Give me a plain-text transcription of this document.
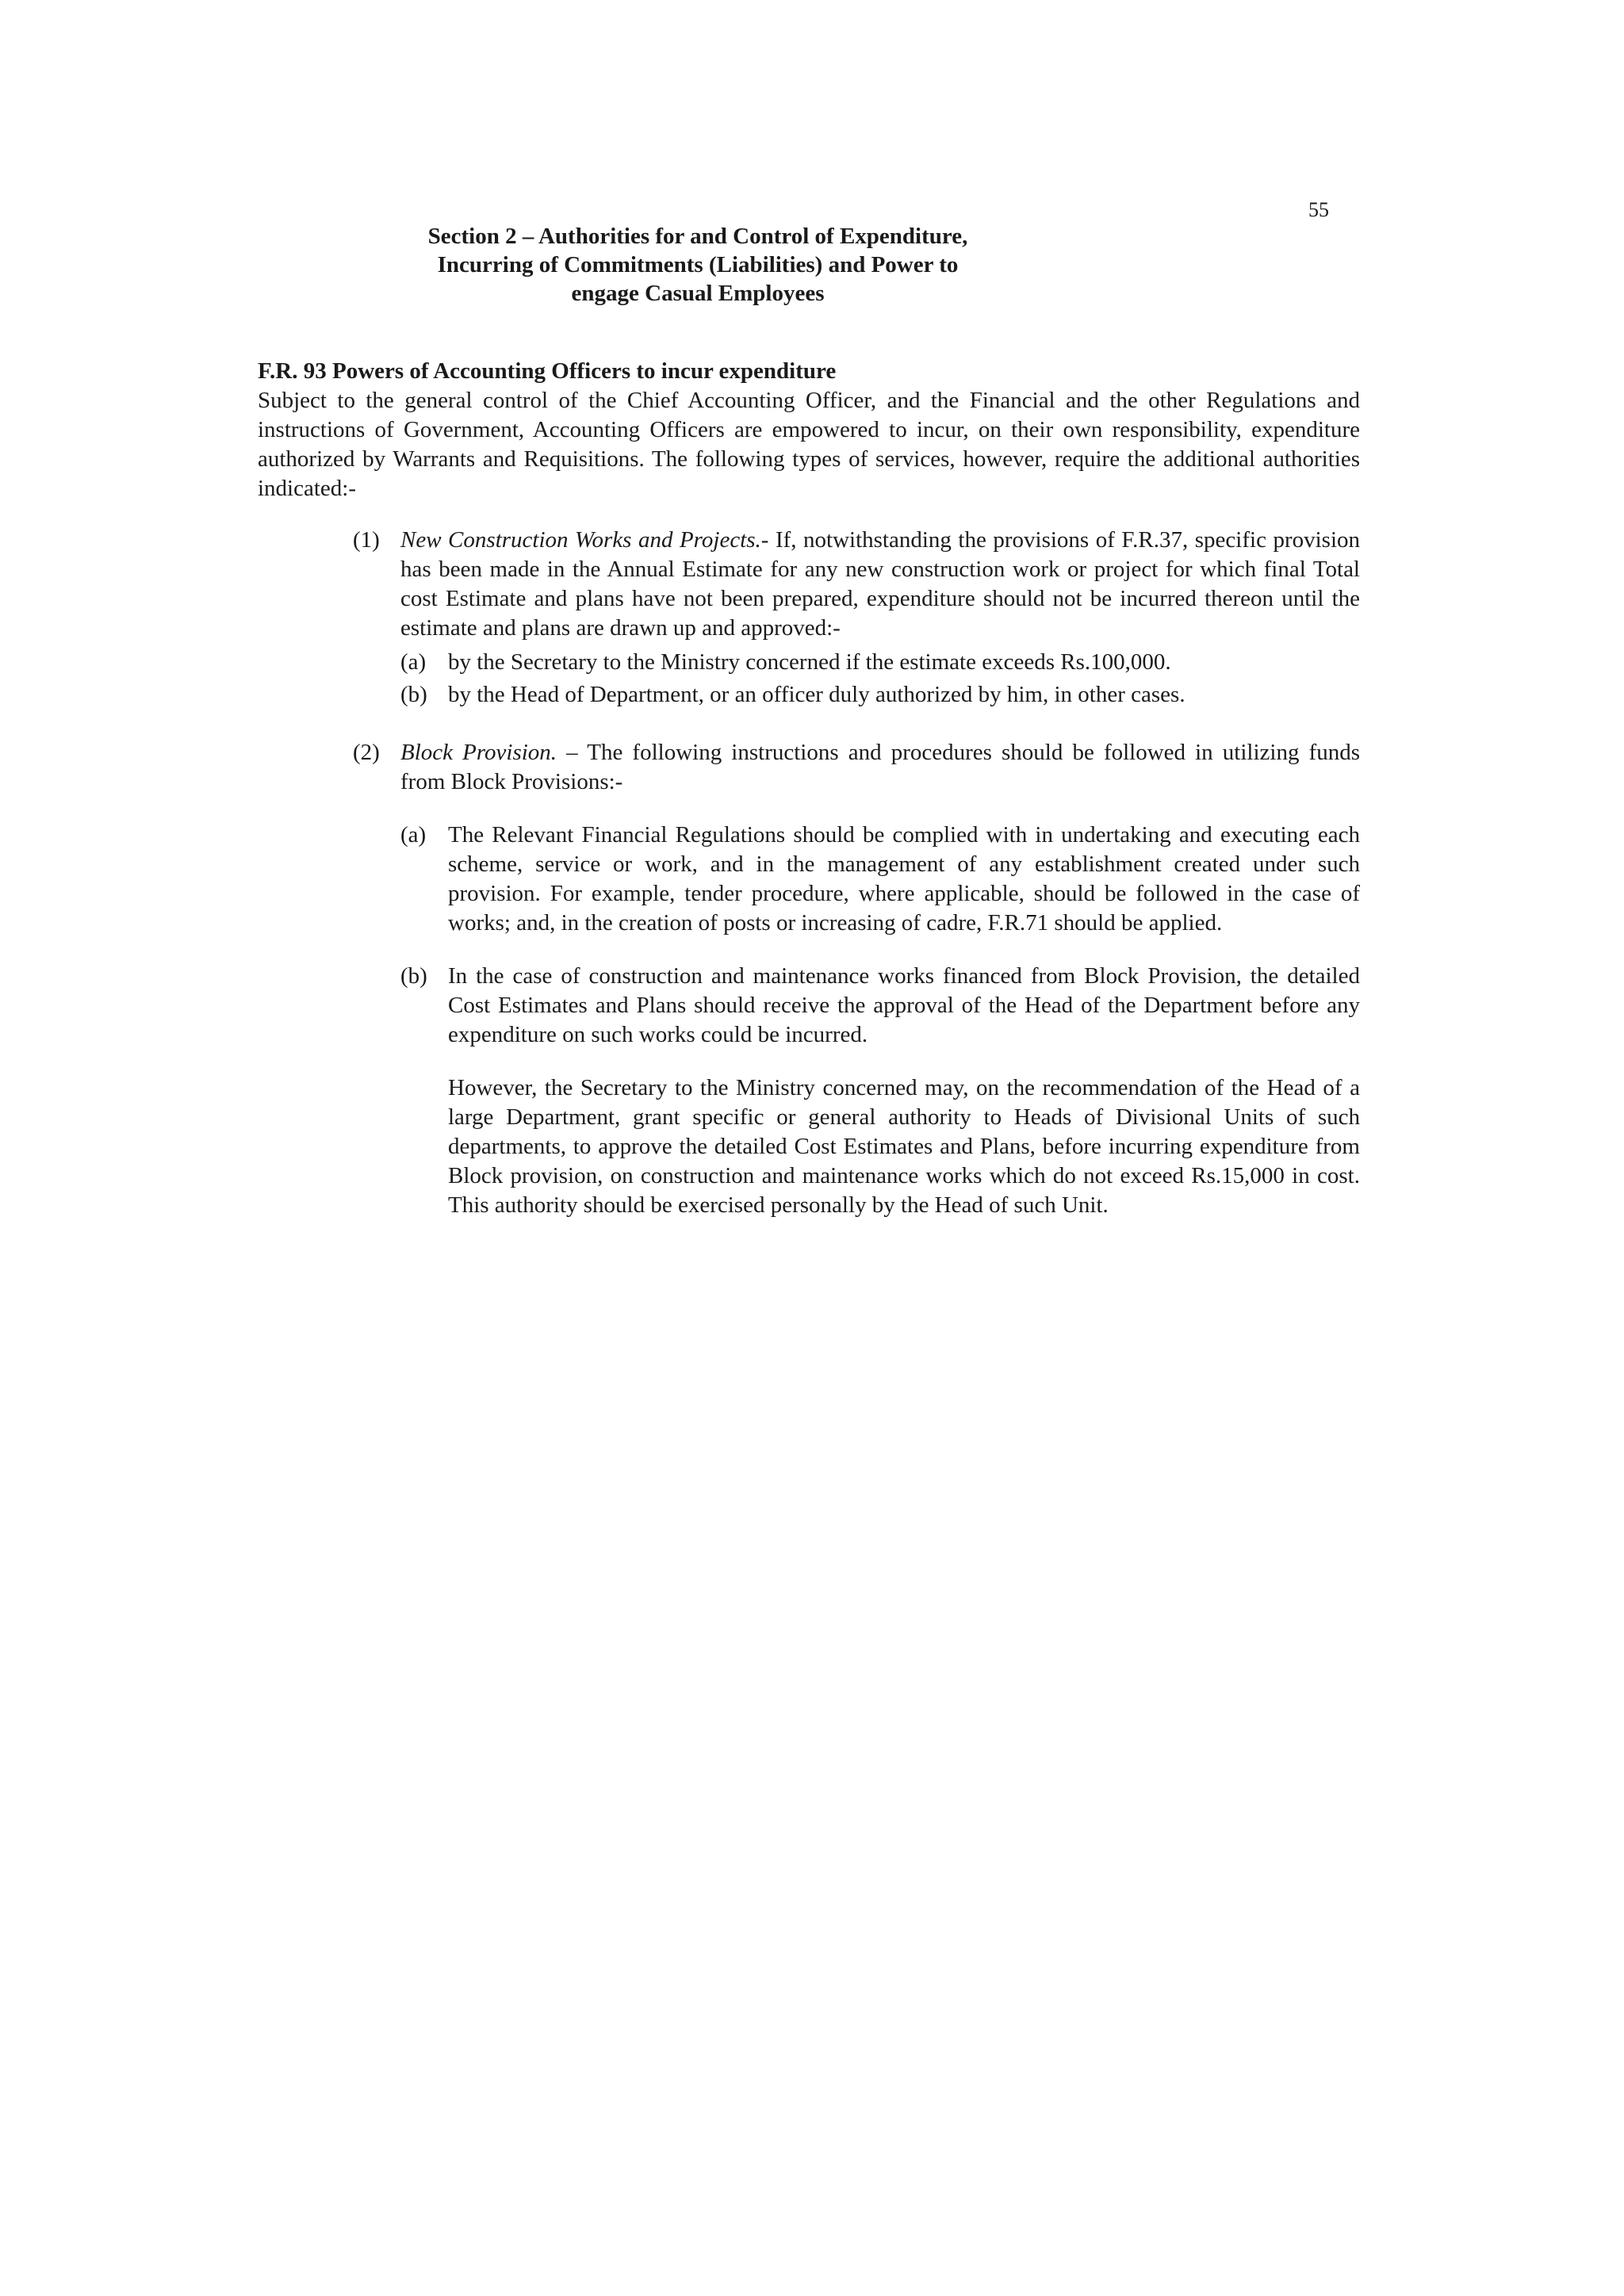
55
Section 2 – Authorities for and Control of Expenditure,
Incurring of Commitments (Liabilities) and Power to
engage Casual Employees

F.R. 93 Powers of Accounting Officers to incur expenditure

Subject to the general control of the Chief Accounting Officer, and the Financial and the other Regulations and instructions of Government, Accounting Officers are empowered to incur, on their own responsibility, expenditure authorized by Warrants and Requisitions. The following types of services, however, require the additional authorities indicated:-

(1) New Construction Works and Projects.- If, notwithstanding the provisions of F.R.37, specific provision has been made in the Annual Estimate for any new construction work or project for which final Total cost Estimate and plans have not been prepared, expenditure should not be incurred thereon until the estimate and plans are drawn up and approved:-
(a) by the Secretary to the Ministry concerned if the estimate exceeds Rs.100,000.
(b) by the Head of Department, or an officer duly authorized by him, in other cases.
(2) Block Provision. – The following instructions and procedures should be followed in utilizing funds from Block Provisions:-
(a) The Relevant Financial Regulations should be complied with in undertaking and executing each scheme, service or work, and in the management of any establishment created under such provision. For example, tender procedure, where applicable, should be followed in the case of works; and, in the creation of posts or increasing of cadre, F.R.71 should be applied.
(b) In the case of construction and maintenance works financed from Block Provision, the detailed Cost Estimates and Plans should receive the approval of the Head of the Department before any expenditure on such works could be incurred.

However, the Secretary to the Ministry concerned may, on the recommendation of the Head of a large Department, grant specific or general authority to Heads of Divisional Units of such departments, to approve the detailed Cost Estimates and Plans, before incurring expenditure from Block provision, on construction and maintenance works which do not exceed Rs.15,000 in cost. This authority should be exercised personally by the Head of such Unit.
